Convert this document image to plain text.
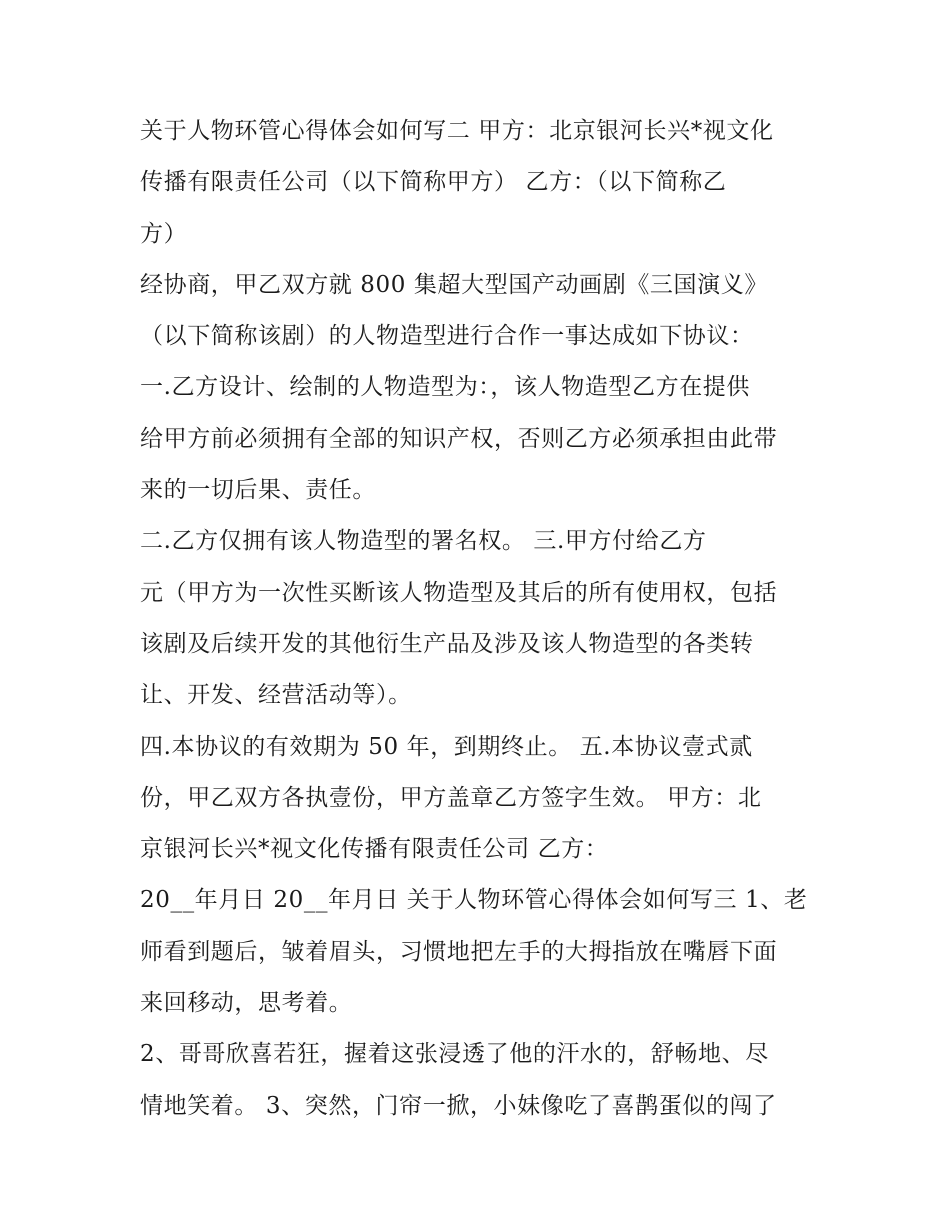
关于人物环管心得体会如何写二 甲方：北京银河长兴*视文化
传播有限责任公司（以下简称甲方） 乙方：（以下简称乙
方）
经协商，甲乙双方就 800 集超大型国产动画剧《三国演义》
（以下简称该剧）的人物造型进行合作一事达成如下协议：
一.乙方设计、绘制的人物造型为：，该人物造型乙方在提供
给甲方前必须拥有全部的知识产权，否则乙方必须承担由此带
来的一切后果、责任。
二.乙方仅拥有该人物造型的署名权。 三.甲方付给乙方
元（甲方为一次性买断该人物造型及其后的所有使用权，包括
该剧及后续开发的其他衍生产品及涉及该人物造型的各类转
让、开发、经营活动等）。
四.本协议的有效期为 50 年，到期终止。 五.本协议壹式贰
份，甲乙双方各执壹份，甲方盖章乙方签字生效。 甲方：北
京银河长兴*视文化传播有限责任公司 乙方：
20__年月日 20__年月日 关于人物环管心得体会如何写三 1、老
师看到题后，皱着眉头，习惯地把左手的大拇指放在嘴唇下面
来回移动，思考着。
2、哥哥欣喜若狂，握着这张浸透了他的汗水的，舒畅地、尽
情地笑着。 3、突然，门帘一掀，小妹像吃了喜鹊蛋似的闯了
